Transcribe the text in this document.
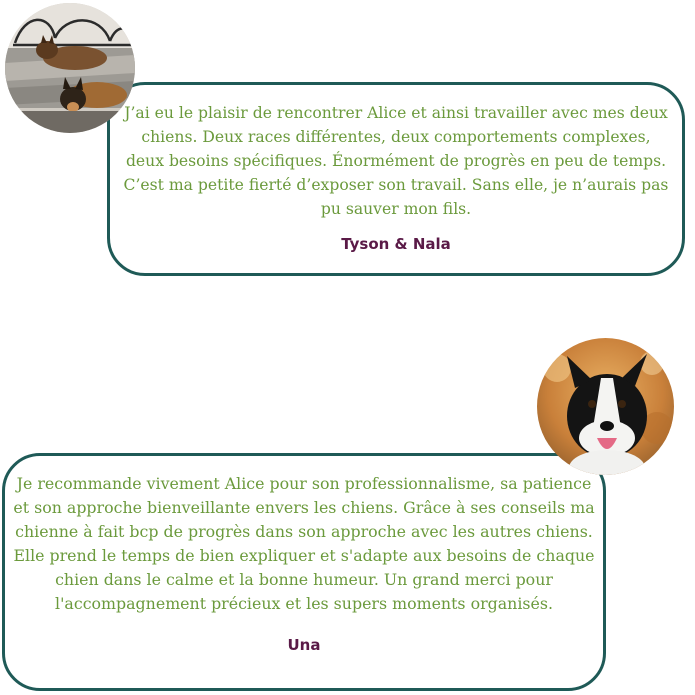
J’ai eu le plaisir de rencontrer Alice et ainsi travailler avec mes deux chiens. Deux races différentes, deux comportements complexes, deux besoins spécifiques. Énormément de progrès en peu de temps. C’est ma petite fierté d’exposer son travail. Sans elle, je n’aurais pas pu sauver mon fils.

Tyson & Nala

Je recommande vivement Alice pour son professionnalisme, sa patience et son approche bienveillante envers les chiens. Grâce à ses conseils ma chienne à fait bcp de progrès dans son approche avec les autres chiens. Elle prend le temps de bien expliquer et s'adapte aux besoins de chaque chien dans le calme et la bonne humeur. Un grand merci pour l'accompagnement précieux et les supers moments organisés.

Una
